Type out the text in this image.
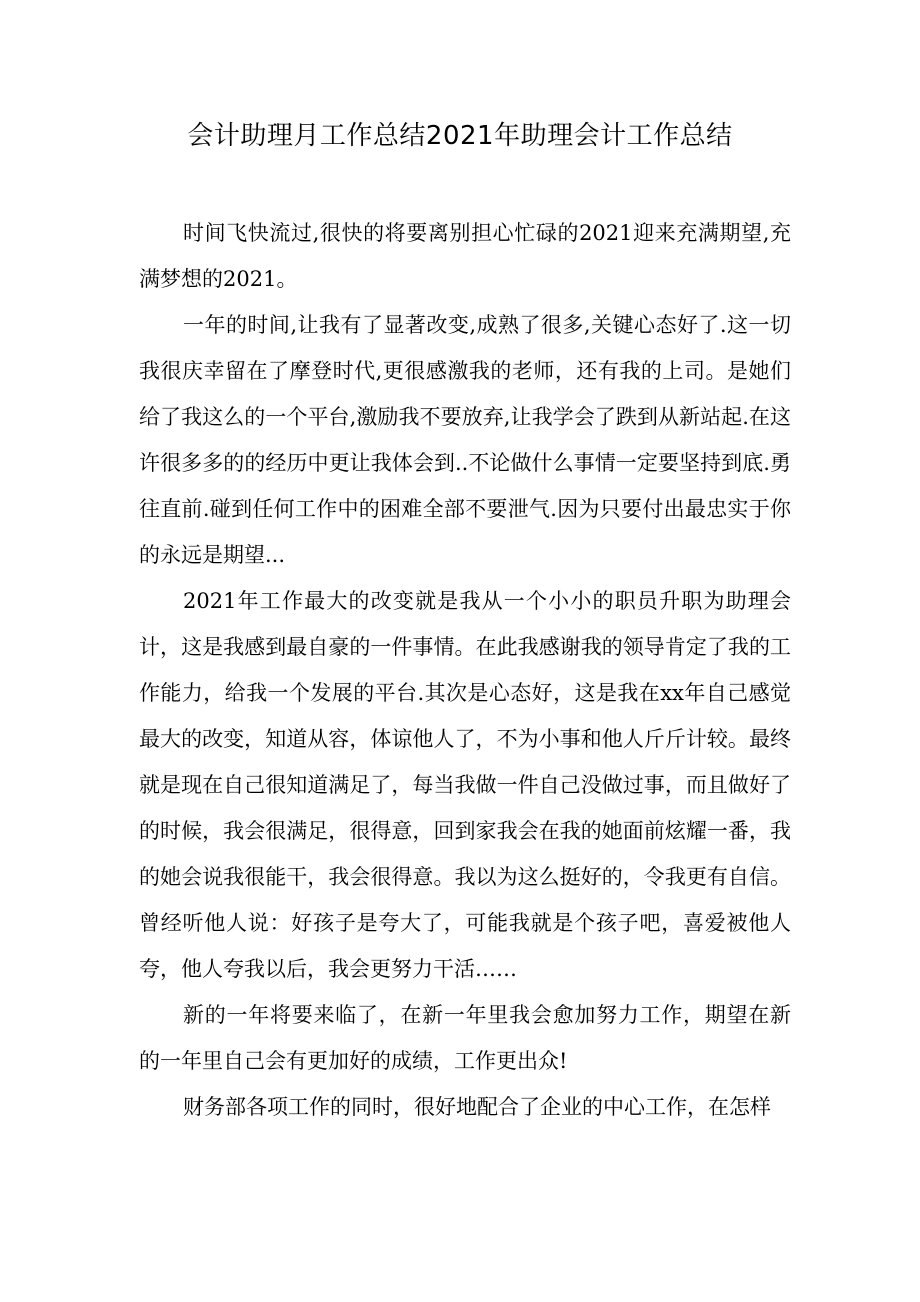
会计助理月工作总结2021年助理会计工作总结

时间飞快流过,很快的将要离别担心忙碌的2021迎来充满期望,充满梦想的2021。

一年的时间,让我有了显著改变,成熟了很多,关键心态好了.这一切我很庆幸留在了摩登时代,更很感激我的老师，还有我的上司。是她们给了我这么的一个平台,激励我不要放弃,让我学会了跌到从新站起.在这许很多多的的经历中更让我体会到..不论做什么事情一定要坚持到底.勇往直前.碰到任何工作中的困难全部不要泄气.因为只要付出最忠实于你的永远是期望...

2021年工作最大的改变就是我从一个小小的职员升职为助理会计，这是我感到最自豪的一件事情。在此我感谢我的领导肯定了我的工作能力，给我一个发展的平台.其次是心态好，这是我在xx年自己感觉最大的改变，知道从容，体谅他人了，不为小事和他人斤斤计较。最终就是现在自己很知道满足了，每当我做一件自己没做过事，而且做好了的时候，我会很满足，很得意，回到家我会在我的她面前炫耀一番，我的她会说我很能干，我会很得意。我以为这么挺好的，令我更有自信。曾经听他人说：好孩子是夸大了，可能我就是个孩子吧，喜爱被他人夸，他人夸我以后，我会更努力干活……

新的一年将要来临了，在新一年里我会愈加努力工作，期望在新的一年里自己会有更加好的成绩，工作更出众!

财务部各项工作的同时，很好地配合了企业的中心工作，在怎样
